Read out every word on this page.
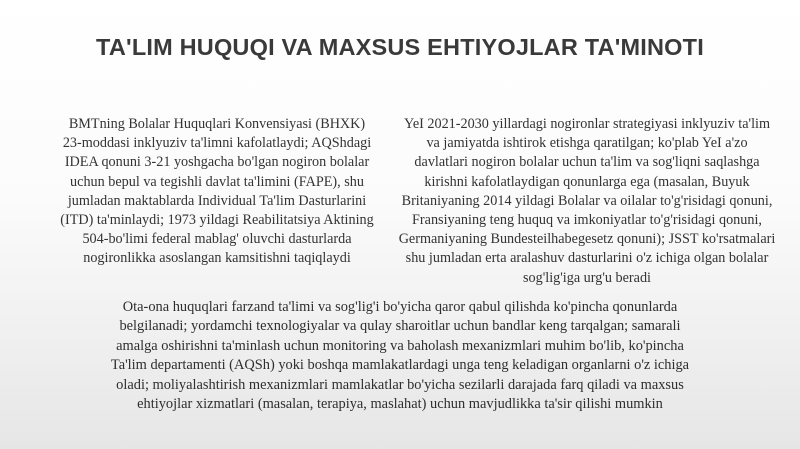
TA'LIM HUQUQI VA MAXSUS EHTIYOJLAR TA'MINOTI
BMTning Bolalar Huquqlari Konvensiyasi (BHXK) 23-moddasi inklyuziv ta'limni kafolatlaydi; AQShdagi IDEA qonuni 3-21 yoshgacha bo'lgan nogiron bolalar uchun bepul va tegishli davlat ta'limini (FAPE), shu jumladan maktablarda Individual Ta'lim Dasturlarini (ITD) ta'minlaydi; 1973 yildagi Reabilitatsiya Aktining 504-bo'limi federal mablag' oluvchi dasturlarda nogironlikka asoslangan kamsitishni taqiqlaydi
YeI 2021-2030 yillardagi nogironlar strategiyasi inklyuziv ta'lim va jamiyatda ishtirok etishga qaratilgan; ko'plab YeI a'zo davlatlari nogiron bolalar uchun ta'lim va sog'liqni saqlashga kirishni kafolatlaydigan qonunlarga ega (masalan, Buyuk Britaniyaning 2014 yildagi Bolalar va oilalar to'g'risidagi qonuni, Fransiyaning teng huquq va imkoniyatlar to'g'risidagi qonuni, Germaniyaning Bundesteilhabegesetz qonuni); JSST ko'rsatmalari shu jumladan erta aralashuv dasturlarini o'z ichiga olgan bolalar sog'lig'iga urg'u beradi
Ota-ona huquqlari farzand ta'limi va sog'lig'i bo'yicha qaror qabul qilishda ko'pincha qonunlarda belgilanadi; yordamchi texnologiyalar va qulay sharoitlar uchun bandlar keng tarqalgan; samarali amalga oshirishni ta'minlash uchun monitoring va baholash mexanizmlari muhim bo'lib, ko'pincha Ta'lim departamenti (AQSh) yoki boshqa mamlakatlardagi unga teng keladigan organlarni o'z ichiga oladi; moliyalashtirish mexanizmlari mamlakatlar bo'yicha sezilarli darajada farq qiladi va maxsus ehtiyojlar xizmatlari (masalan, terapiya, maslahat) uchun mavjudlikka ta'sir qilishi mumkin
